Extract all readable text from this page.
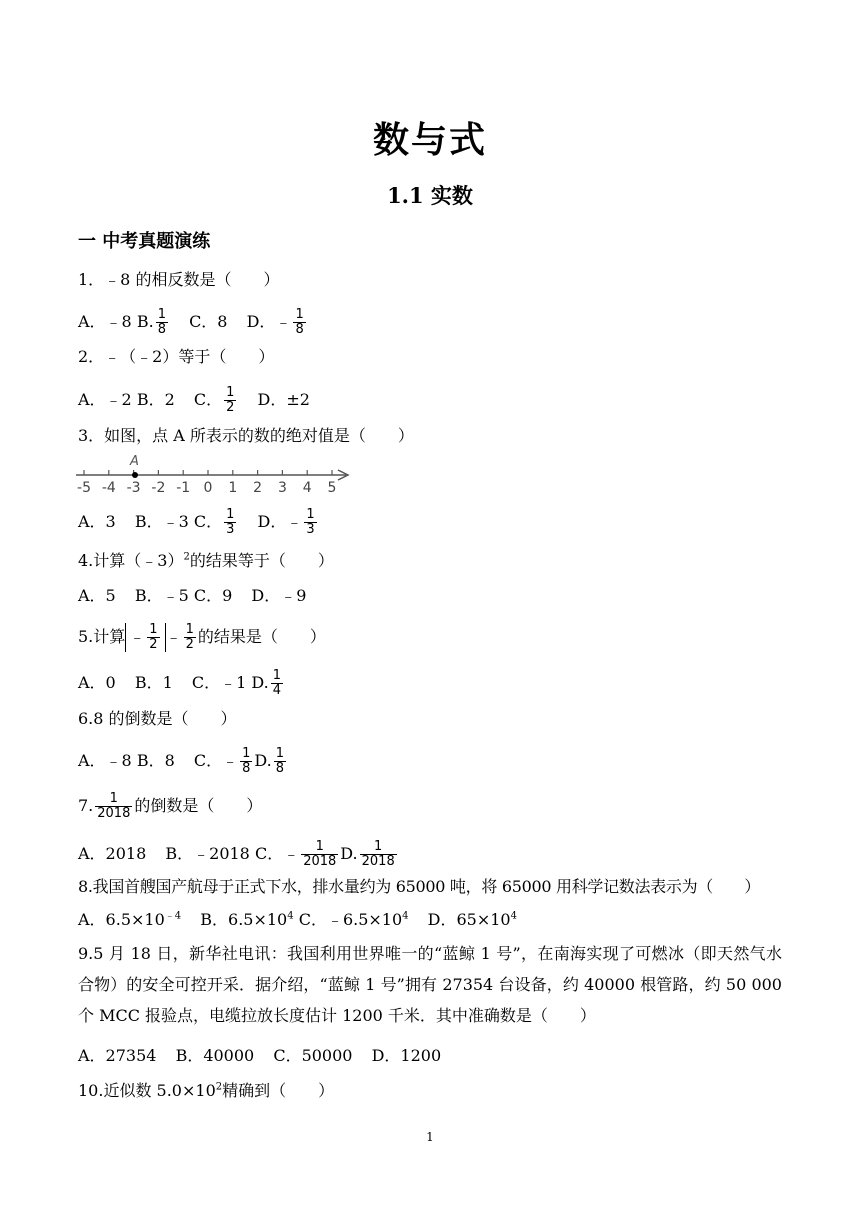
数与式
1.1 实数
一 中考真题演练
1．﹣8 的相反数是（　　）
A．﹣8 B. $\frac{1}{8}$ C．8 D．﹣ $\frac{1}{8}$
2．﹣（﹣2）等于（　　）
A．﹣2 B．2 C． $\frac{1}{2}$ D．±2
3．如图，点 A 所表示的数的绝对值是（　　）
-5 -4 -3 -2 -1 0 1 2 3 4 5
A
A．3 B．﹣3 C． $\frac{1}{3}$ D．﹣ $\frac{1}{3}$
4.计算（﹣3）$^2$的结果等于（　　）
A．5 B．﹣5 C．9 D．﹣9
5.计算 ﹣ $\frac{1}{2}$ ﹣ $\frac{1}{2}$ 的结果是（　　）
A．0 B．1 C．﹣1 D. $\frac{1}{4}$
6.8 的倒数是（　　）
A．﹣8 B．8 C．﹣ $\frac{1}{8} D$. $\frac{1}{8}$
7. $\frac{1}{2018}$ 的倒数是（　　）
A．2018 B．﹣2018 C．﹣ $\frac{1}{2018} D$. $\frac{1}{2018}$
8.我国首艘国产航母于正式下水，排水量约为 65000 吨，将 65000 用科学记数法表示为（　　）
A．$6.5\times 10^{﹣4}$ B．$6.5\times 10^4$ C．$﹣6.5\times 10^4$ D．$65\times 10^4$
9.5 月 18 日，新华社电讯：我国利用世界唯一的“蓝鲸 1 号”，在南海实现了可燃冰（即天然气水合物）的安全可控开采．据介绍，“蓝鲸 1 号”拥有 27354 台设备，约 40000 根管路，约 50 000 个 MCC 报验点，电缆拉放长度估计 1200 千米．其中准确数是（　　）
A．27354 B．40000 C．50000 D．1200
10.近似数 $5.0\times 10^2$精确到（　　）
1
